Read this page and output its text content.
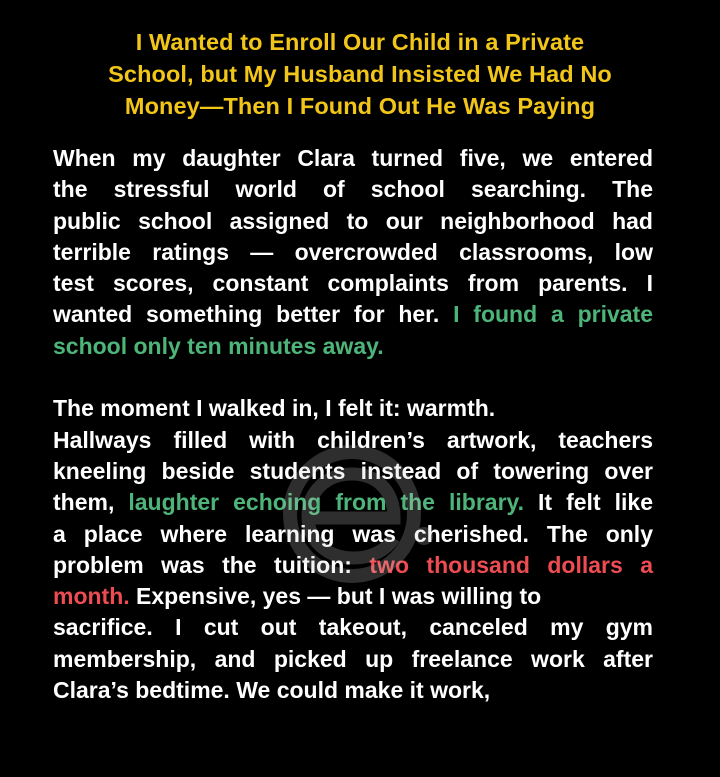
I Wanted to Enroll Our Child in a Private
School, but My Husband Insisted We Had No
Money—Then I Found Out He Was Paying
When my daughter Clara turned five, we entered
the stressful world of school searching. The
public school assigned to our neighborhood had
terrible ratings — overcrowded classrooms, low
test scores, constant complaints from parents. I
wanted something better for her. I found a private
school only ten minutes away.
The moment I walked in, I felt it: warmth.
Hallways filled with children’s artwork, teachers
kneeling beside students instead of towering over
them, laughter echoing from the library. It felt like
a place where learning was cherished. The only
problem was the tuition: two thousand dollars a
month. Expensive, yes — but I was willing to
sacrifice. I cut out takeout, canceled my gym
membership, and picked up freelance work after
Clara’s bedtime. We could make it work,
